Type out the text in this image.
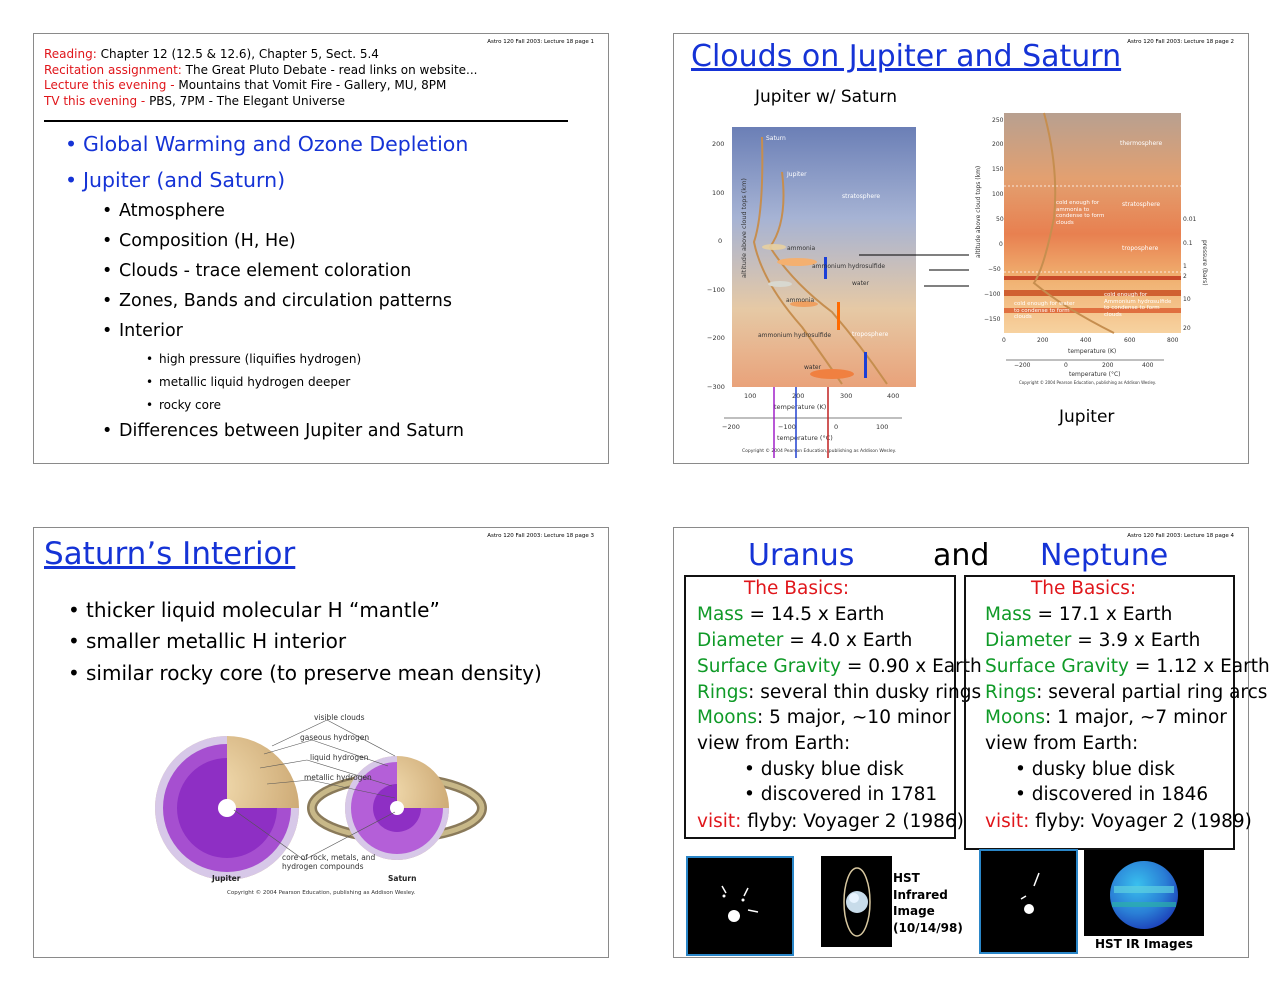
Astro 120 Fall 2003: Lecture 18 page 1
Reading: Chapter 12 (12.5 & 12.6), Chapter 5, Sect. 5.4
Recitation assignment: The Great Pluto Debate - read links on website...
Lecture this evening - Mountains that Vomit Fire - Gallery, MU, 8PM
TV this evening - PBS, 7PM - The Elegant Universe
• Global Warming and Ozone Depletion
• Jupiter (and Saturn)
• Atmosphere
• Composition (H, He)
• Clouds - trace element coloration
• Zones, Bands and circulation patterns
• Interior
• high pressure (liquifies hydrogen)
• metallic liquid hydrogen deeper
• rocky core
• Differences between Jupiter and Saturn
Astro 120 Fall 2003: Lecture 18 page 2
Clouds on Jupiter and Saturn
Jupiter w/ Saturn
Jupiter
altitude above cloud tops (km)
200
100
0
−100
−200
−300
100	200	300	400
temperature (K)
−200	−100	0	100
temperature (°C)
Copyright © 2004 Pearson Education, publishing as Addison Wesley.
Saturn
Jupiter
stratosphere
ammonia
ammonium hydrosulfide
water
ammonia
ammonium hydrosulfide
water
troposphere
250
200
150
100
50
0
−50
−100
−150
0.01
0.1
1
2
10
20
0	200	400	600	800
temperature (K)
−200	0	200	400
temperature (°C)
altitude above cloud tops (km)
pressure (bars)
Copyright © 2004 Pearson Education, publishing as Addison Wesley.
thermosphere
stratosphere
troposphere
cold enough for ammonia to condense to form clouds
cold enough for water to condense to form clouds
cold enough for Ammonium hydrosulfide to condense to form clouds
Astro 120 Fall 2003: Lecture 18 page 3
Saturn’s Interior
• thicker liquid molecular H “mantle”
• smaller metallic H interior
• similar rocky core (to preserve mean density)
visible clouds
gaseous hydrogen
liquid hydrogen
metallic hydrogen
core of rock, metals, and hydrogen compounds
Jupiter	Saturn
Copyright © 2004 Pearson Education, publishing as Addison Wesley.
Astro 120 Fall 2003: Lecture 18 page 4
Uranus	and Neptune
The Basics:
Mass = 14.5 x Earth
Diameter = 4.0 x Earth
Surface Gravity = 0.90 x Earth
Rings: several thin dusky rings
Moons: 5 major, ~10 minor
view from Earth:
• dusky blue disk
• discovered in 1781
visit: flyby: Voyager 2 (1986)
The Basics:
Mass = 17.1 x Earth
Diameter = 3.9 x Earth
Surface Gravity = 1.12 x Earth
Rings: several partial ring arcs
Moons: 1 major, ~7 minor
view from Earth:
• dusky blue disk
• discovered in 1846
visit: flyby: Voyager 2 (1989)
HST
Infrared
Image
(10/14/98)
HST IR Images
